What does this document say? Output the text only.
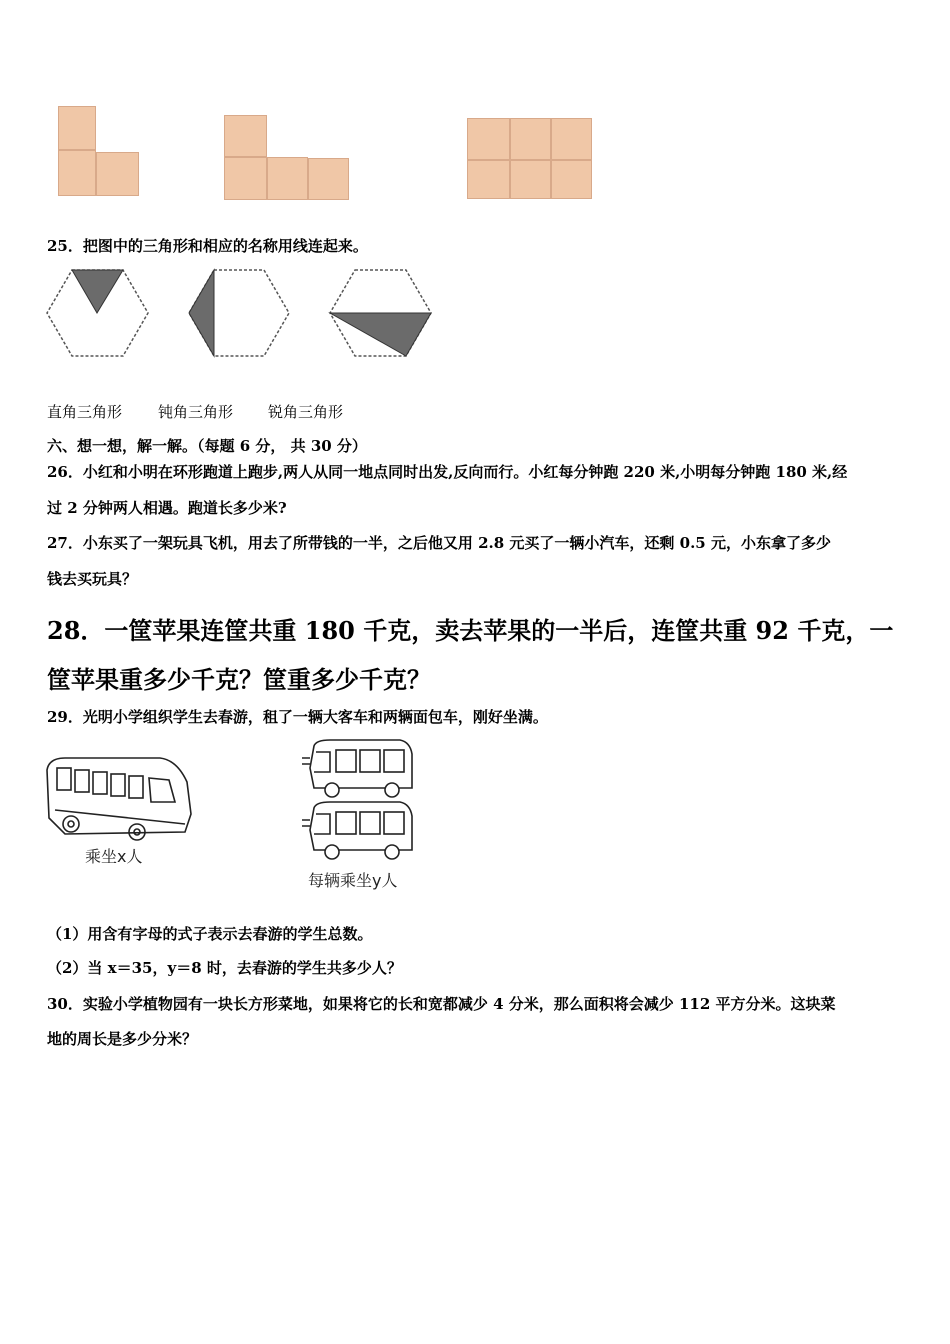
25．把图中的三角形和相应的名称用线连起来。
直角三角形 钝角三角形 锐角三角形
六、想一想，解一解。（每题 6 分， 共 30 分）
26．小红和小明在环形跑道上跑步,两人从同一地点同时出发,反向而行。小红每分钟跑 220 米,小明每分钟跑 180 米,经
过 2 分钟两人相遇。跑道长多少米?
27．小东买了一架玩具飞机，用去了所带钱的一半，之后他又用 2.8 元买了一辆小汽车，还剩 0.5 元，小东拿了多少
钱去买玩具？
28．一筐苹果连筐共重 180 千克，卖去苹果的一半后，连筐共重 92 千克，一
筐苹果重多少千克？筐重多少千克？
29．光明小学组织学生去春游，租了一辆大客车和两辆面包车，刚好坐满。
乘坐x人
每辆乘坐y人
（1）用含有字母的式子表示去春游的学生总数。
（2）当 x＝35，y＝8 时，去春游的学生共多少人？
30．实验小学植物园有一块长方形菜地，如果将它的长和宽都减少 4 分米，那么面积将会减少 112 平方分米。这块菜
地的周长是多少分米？
